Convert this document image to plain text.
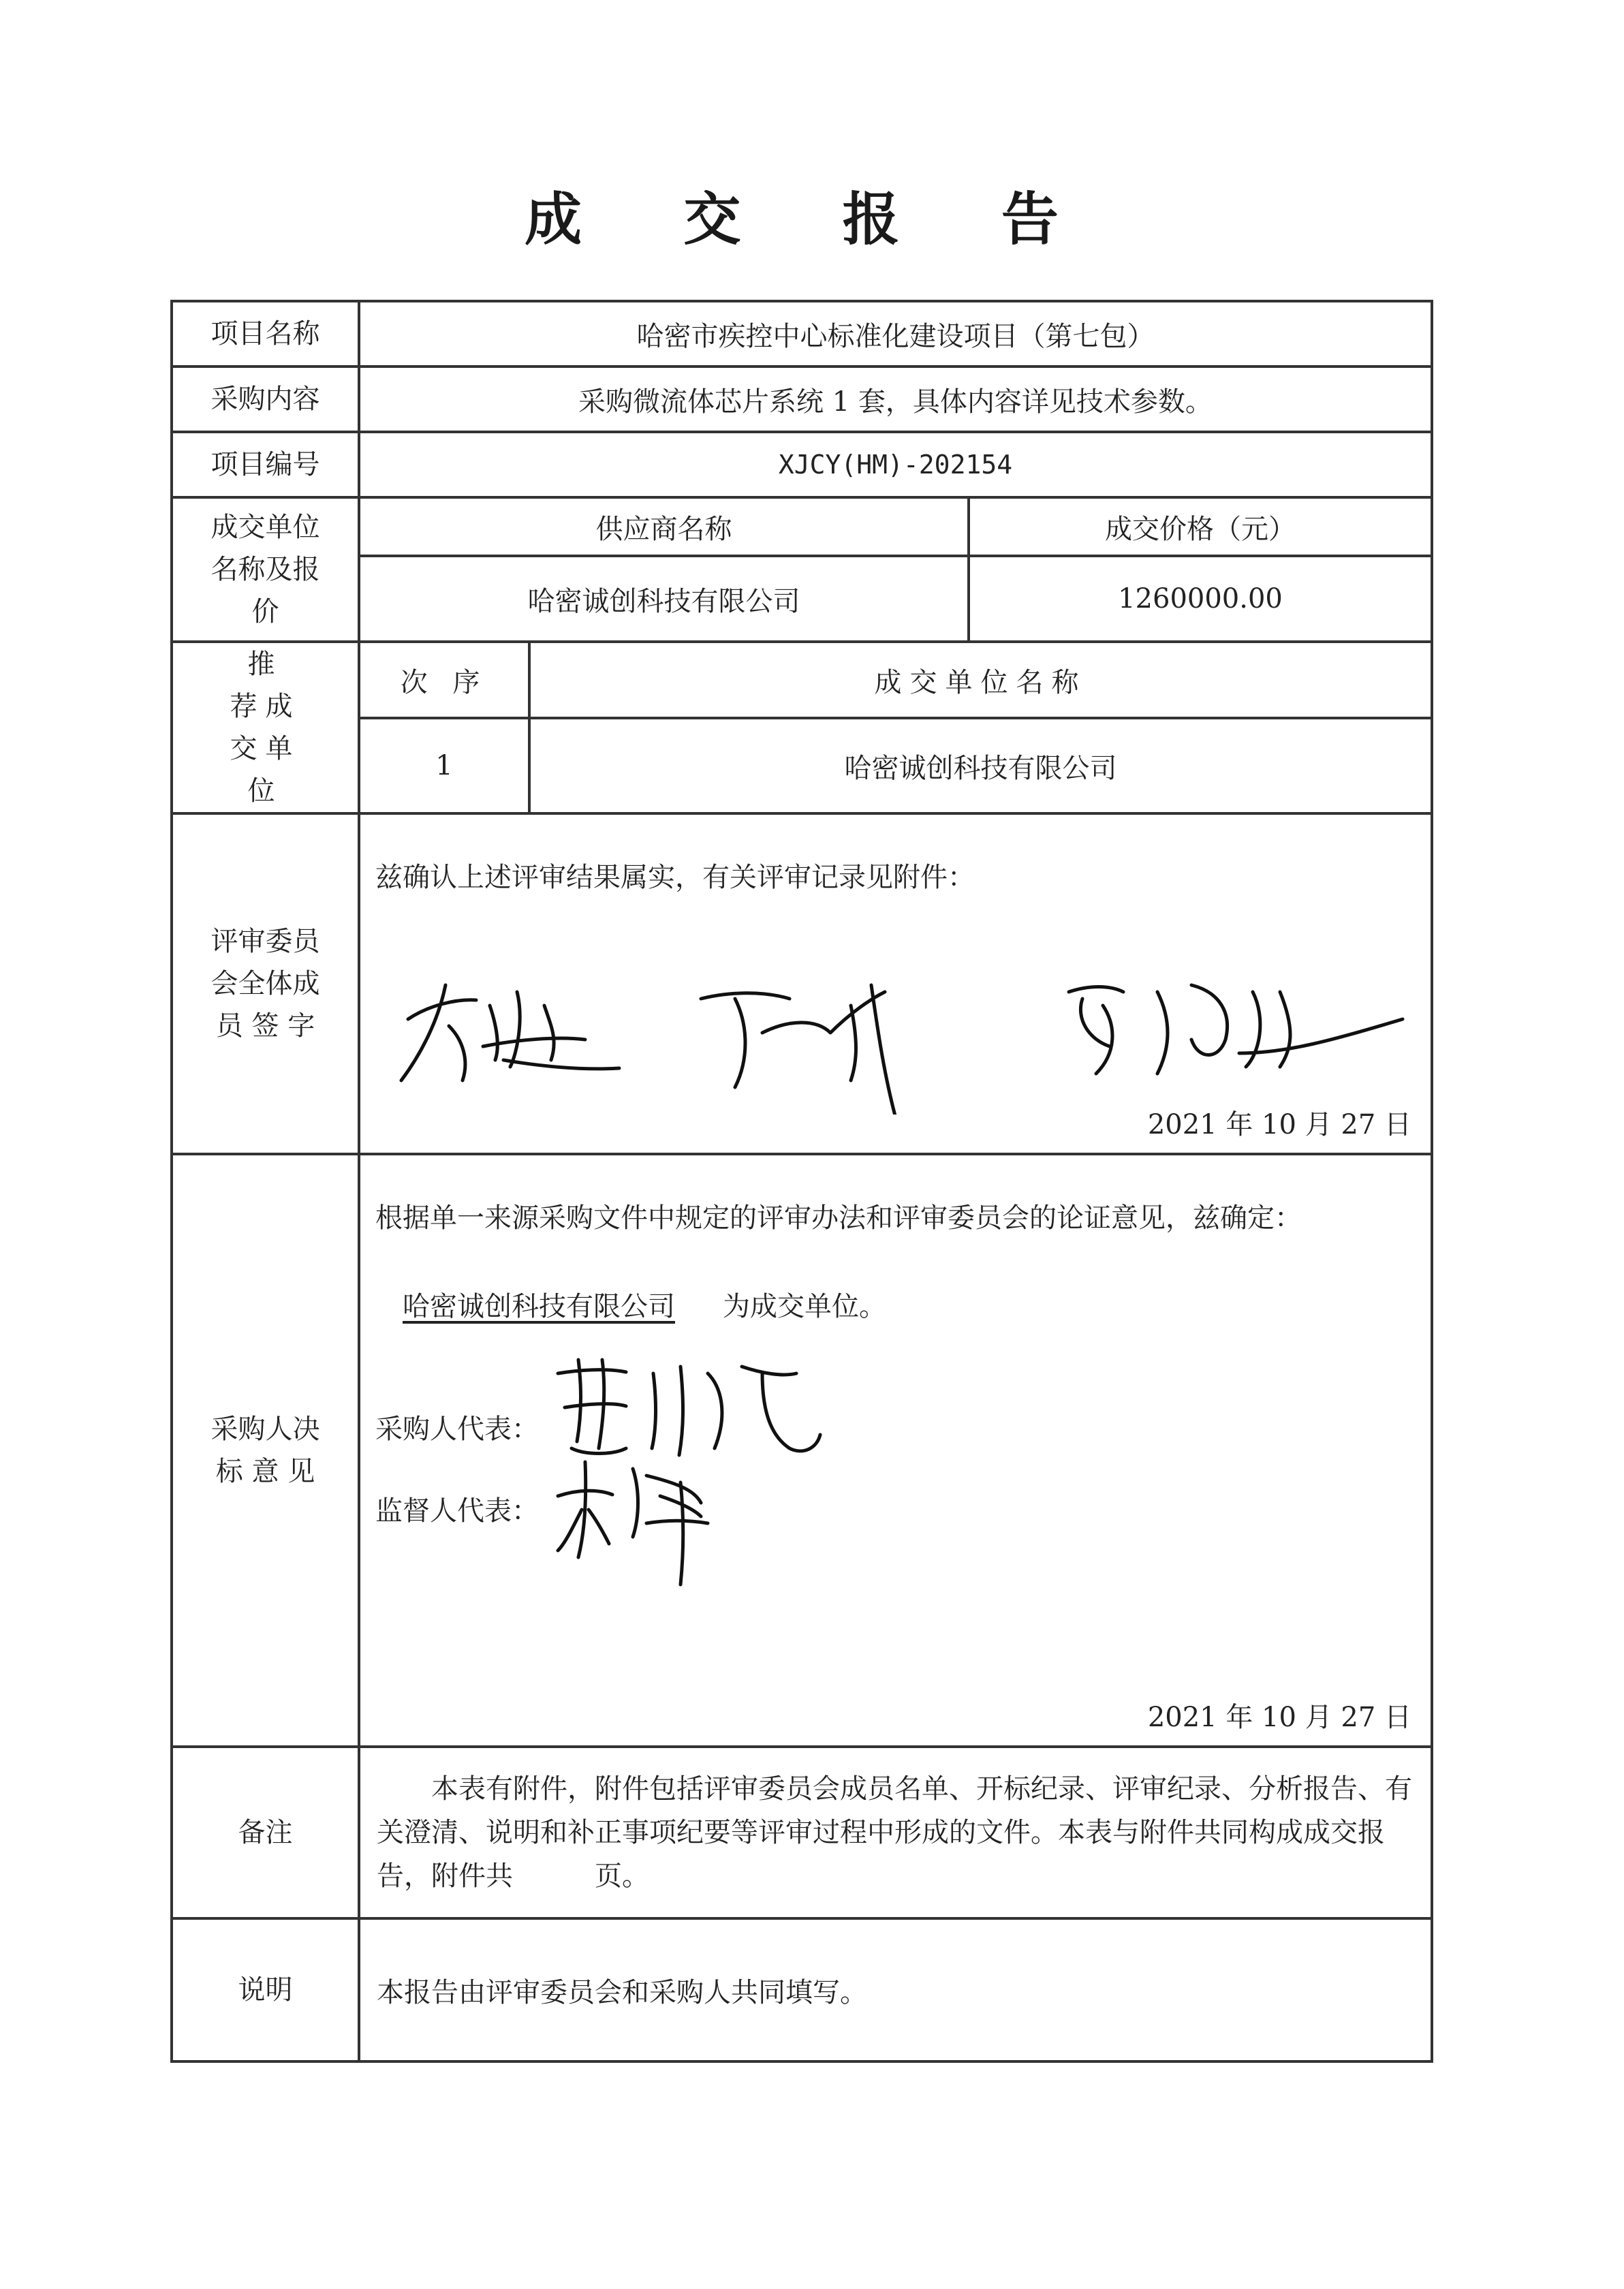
成 交 报 告
项目名称	哈密市疾控中心标准化建设项目（第七包）		
采购内容	采购微流体芯片系统 1 套，具体内容详见技术参数。		
项目编号	XJCY(HM)-202154		
成交单位名称及报价	供应商名称		成交价格（元）
	哈密诚创科技有限公司		1260000.00
推　荐成　交单　位	次 序	成交单位名称	
	1	哈密诚创科技有限公司	
评审委员会全体成员 签 字	兹确认上述评审结果属实，有关评审记录见附件：
2021 年 10 月 27 日		

采购人决标 意 见	根据单一来源采购文件中规定的评审办法和评审委员会的论证意见，兹确定：
哈密诚创科技有限公司 为成交单位。
采购人代表：
监督人代表：
2021 年 10 月 27 日		

备注	本表有附件，附件包括评审委员会成员名单、开标纪录、评审纪录、分析报告、有关澄清、说明和补正事项纪要等评审过程中形成的文件。本表与附件共同构成成交报告，附件共　　　页。		
说明	本报告由评审委员会和采购人共同填写。		
